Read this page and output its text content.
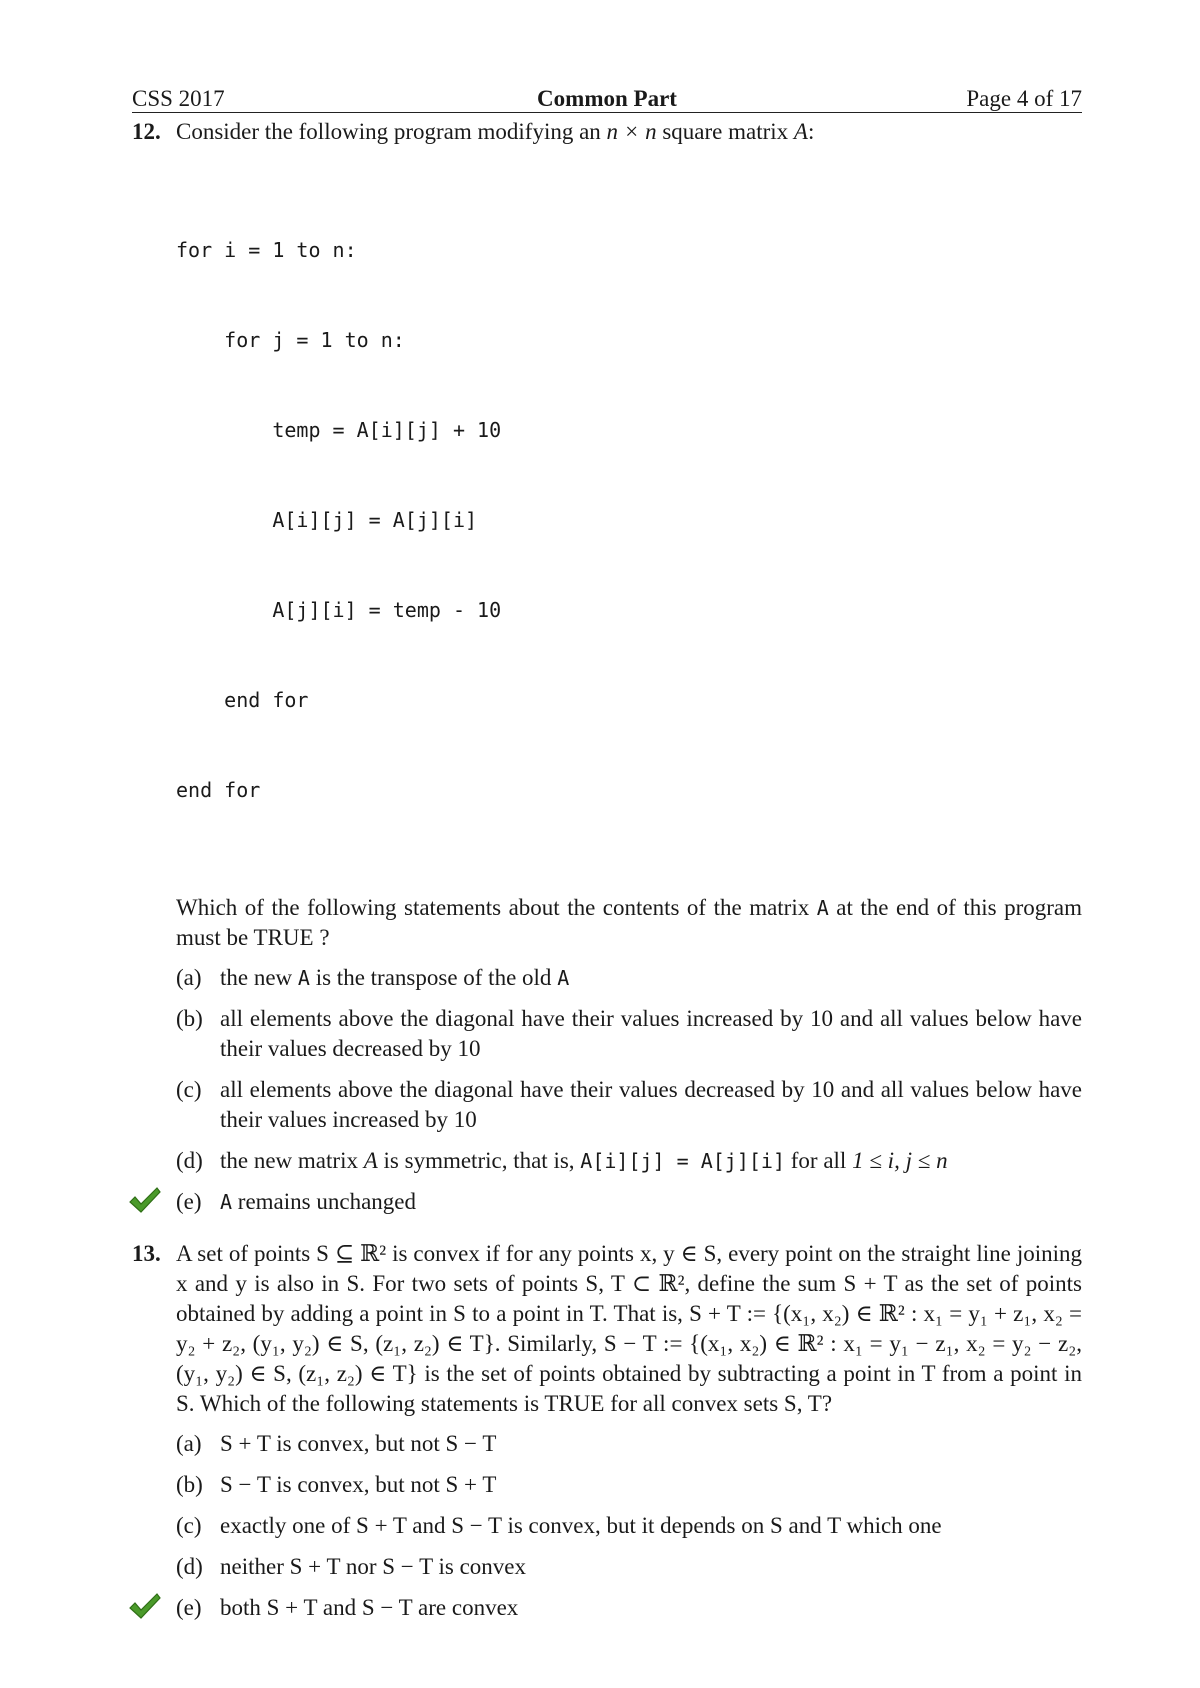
CSS 2017	Common Part	Page 4 of 17
12. Consider the following program modifying an n × n square matrix A:

for i = 1 to n:

for j = 1 to n:

temp = A[i][j] + 10

A[i][j] = A[j][i]

A[j][i] = temp - 10

end for

end for

Which of the following statements about the contents of the matrix A at the end of this program must be TRUE ?
(a) the new A is the transpose of the old A
(b) all elements above the diagonal have their values increased by 10 and all values below have their values decreased by 10
(c) all elements above the diagonal have their values decreased by 10 and all values below have their values increased by 10
(d) the new matrix A is symmetric, that is, A[i][j] = A[j][i] for all 1 ≤ i, j ≤ n
(e) A remains unchanged
13. A set of points S ⊆ ℝ² is convex if for any points x, y ∈ S, every point on the straight line joining x and y is also in S. For two sets of points S, T ⊂ ℝ², define the sum S + T as the set of points obtained by adding a point in S to a point in T. That is, S + T := {(x₁, x₂) ∈ ℝ² : x₁ = y₁ + z₁, x₂ = y₂ + z₂, (y₁, y₂) ∈ S, (z₁, z₂) ∈ T}. Similarly, S − T := {(x₁, x₂) ∈ ℝ² : x₁ = y₁ − z₁, x₂ = y₂ − z₂, (y₁, y₂) ∈ S, (z₁, z₂) ∈ T} is the set of points obtained by subtracting a point in T from a point in S. Which of the following statements is TRUE for all convex sets S, T?
(a) S + T is convex, but not S − T
(b) S − T is convex, but not S + T
(c) exactly one of S + T and S − T is convex, but it depends on S and T which one
(d) neither S + T nor S − T is convex
(e) both S + T and S − T are convex
